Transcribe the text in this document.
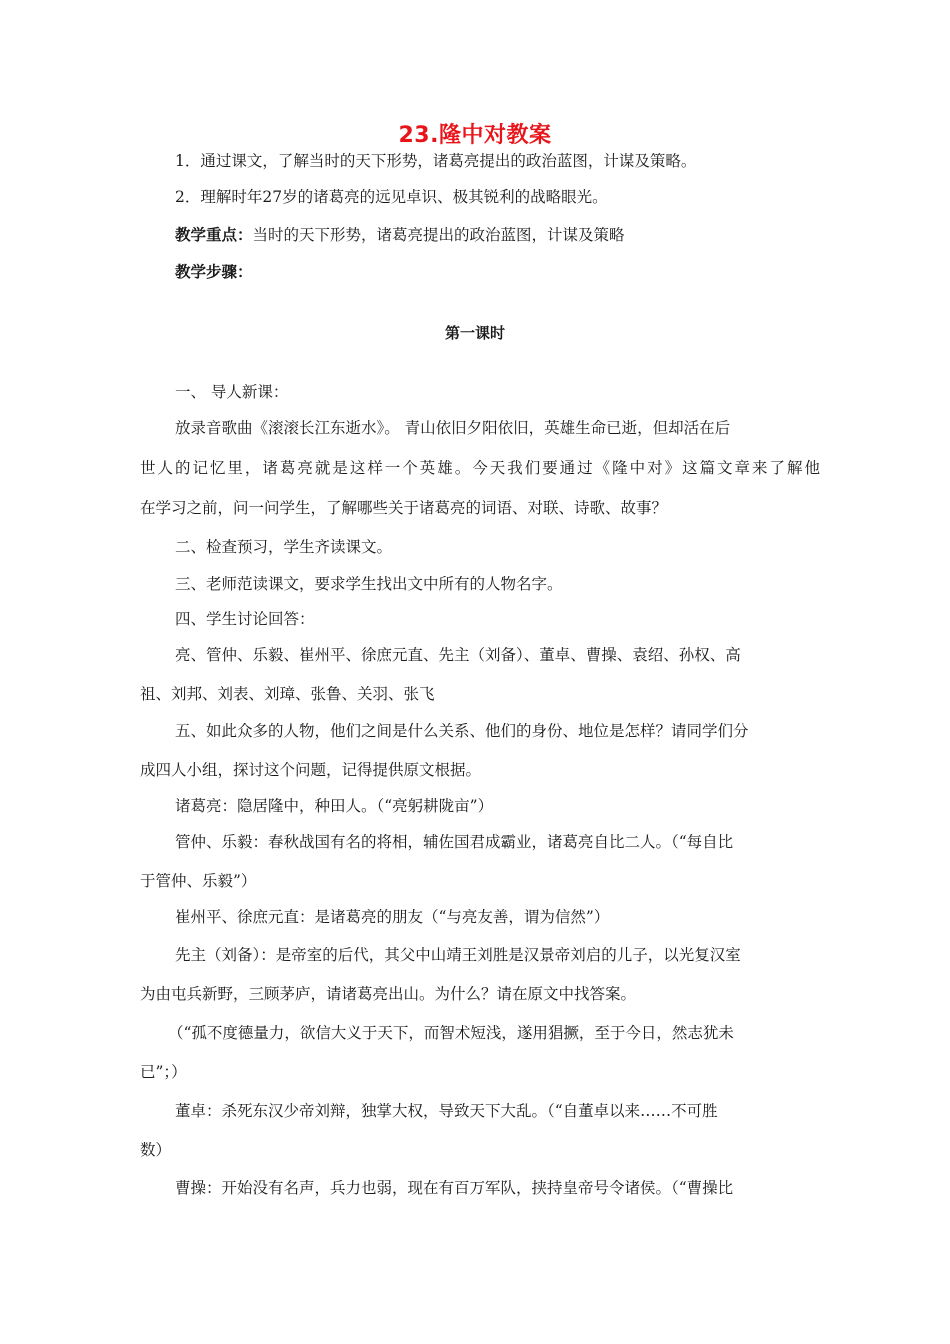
23.隆中对教案
1．通过课文，了解当时的天下形势，诸葛亮提出的政治蓝图，计谋及策略。
2．理解时年27岁的诸葛亮的远见卓识、极其锐利的战略眼光。
教学重点：当时的天下形势，诸葛亮提出的政治蓝图，计谋及策略
教学步骤：
第一课时
一、 导人新课：
放录音歌曲《滚滚长江东逝水》。 青山依旧夕阳依旧，英雄生命已逝，但却活在后
世人的记忆里，诸葛亮就是这样一个英雄。今天我们要通过《隆中对》这篇文章来了解他
在学习之前，问一问学生，了解哪些关于诸葛亮的词语、对联、诗歌、故事？
二、检查预习，学生齐读课文。
三、老师范读课文，要求学生找出文中所有的人物名字。
四、学生讨论回答：
亮、管仲、乐毅、崔州平、徐庶元直、先主（刘备）、董卓、曹操、袁绍、孙权、高
祖、刘邦、刘表、刘璋、张鲁、关羽、张飞
五、如此众多的人物，他们之间是什么关系、他们的身份、地位是怎样？请同学们分
成四人小组，探讨这个问题，记得提供原文根据。
诸葛亮：隐居隆中，种田人。（“亮躬耕陇亩”）
管仲、乐毅：春秋战国有名的将相，辅佐国君成霸业，诸葛亮自比二人。（“每自比
于管仲、乐毅”）
崔州平、徐庶元直：是诸葛亮的朋友（“与亮友善，谓为信然”）
先主（刘备）：是帝室的后代，其父中山靖王刘胜是汉景帝刘启的儿子，以光复汉室
为由屯兵新野，三顾茅庐，请诸葛亮出山。为什么？请在原文中找答案。
（“孤不度德量力，欲信大义于天下，而智术短浅，遂用猖撅，至于今日，然志犹未
已”；）
董卓：杀死东汉少帝刘辩，独掌大权，导致天下大乱。（“自董卓以来……不可胜
数）
曹操：开始没有名声，兵力也弱，现在有百万军队，挟持皇帝号令诸侯。（“曹操比
